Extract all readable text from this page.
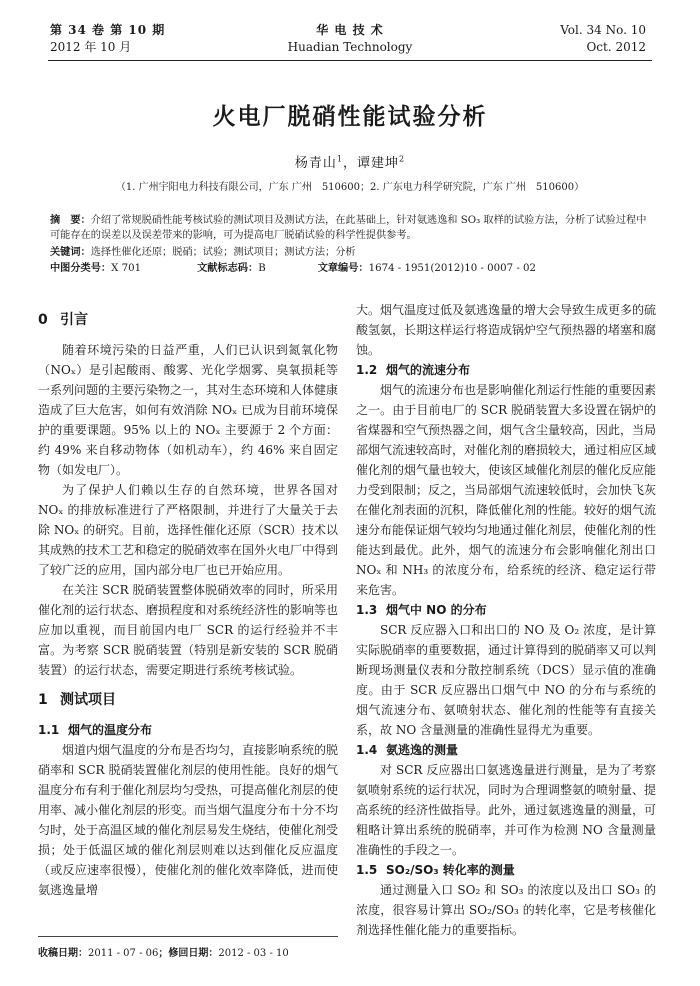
第 34 卷 第 10 期
2012 年 10 月
华 电 技 术
Huadian Technology
Vol. 34 No. 10
Oct. 2012
火电厂脱硝性能试验分析
杨青山$^1$，谭建坤$^2$
（1. 广州宇阳电力科技有限公司，广东 广州　510600；2. 广东电力科学研究院，广东 广州　510600）
摘　要：介绍了常规脱硝性能考核试验的测试项目及测试方法，在此基础上，针对氨逃逸和 SO₃ 取样的试验方法，分析了试验过程中可能存在的误差以及误差带来的影响，可为提高电厂脱硝试验的科学性提供参考。
关键词：选择性催化还原；脱硝；试验；测试项目；测试方法；分析
中图分类号：X 701	文献标志码：B	文章编号：1674 - 1951(2012)10 - 0007 - 02
0 引言

随着环境污染的日益严重，人们已认识到氮氧化物（NOₓ）是引起酸雨、酸雾、光化学烟雾、臭氧损耗等一系列问题的主要污染物之一，其对生态环境和人体健康造成了巨大危害，如何有效消除 NOₓ 已成为目前环境保护的重要课题。95% 以上的 NOₓ 主要源于 2 个方面：约 49% 来自移动物体（如机动车），约 46% 来自固定物（如发电厂）。

为了保护人们赖以生存的自然环境，世界各国对 NOₓ 的排放标准进行了严格限制，并进行了大量关于去除 NOₓ 的研究。目前，选择性催化还原（SCR）技术以其成熟的技术工艺和稳定的脱硝效率在国外火电厂中得到了较广泛的应用，国内部分电厂也已开始应用。

在关注 SCR 脱硝装置整体脱硝效率的同时，所采用催化剂的运行状态、磨损程度和对系统经济性的影响等也应加以重视，而目前国内电厂 SCR 的运行经验并不丰富。为考察 SCR 脱硝装置（特别是新安装的 SCR 脱硝装置）的运行状态，需要定期进行系统考核试验。

1 测试项目
1.1 烟气的温度分布

烟道内烟气温度的分布是否均匀，直接影响系统的脱硝率和 SCR 脱硝装置催化剂层的使用性能。良好的烟气温度分布有利于催化剂层均匀受热，可提高催化剂层的使用率、减小催化剂层的形变。而当烟气温度分布十分不均匀时，处于高温区域的催化剂层易发生烧结，使催化剂受损；处于低温区域的催化剂层则难以达到催化反应温度（或反应速率很慢），使催化剂的催化效率降低，进而使氨逃逸量增

大。烟气温度过低及氨逃逸量的增大会导致生成更多的硫酸氢氨，长期这样运行将造成锅炉空气预热器的堵塞和腐蚀。

1.2 烟气的流速分布

烟气的流速分布也是影响催化剂运行性能的重要因素之一。由于目前电厂的 SCR 脱硝装置大多设置在锅炉的省煤器和空气预热器之间，烟气含尘量较高，因此，当局部烟气流速较高时，对催化剂的磨损较大，通过相应区域催化剂的烟气量也较大，使该区域催化剂层的催化反应能力受到限制；反之，当局部烟气流速较低时，会加快飞灰在催化剂表面的沉积，降低催化剂的性能。较好的烟气流速分布能保证烟气较均匀地通过催化剂层，使催化剂的性能达到最优。此外，烟气的流速分布会影响催化剂出口 NOₓ 和 NH₃ 的浓度分布，给系统的经济、稳定运行带来危害。

1.3 烟气中 NO 的分布

SCR 反应器入口和出口的 NO 及 O₂ 浓度，是计算实际脱硝率的重要数据，通过计算得到的脱硝率又可以判断现场测量仪表和分散控制系统（DCS）显示值的准确度。由于 SCR 反应器出口烟气中 NO 的分布与系统的烟气流速分布、氨喷射状态、催化剂的性能等有直接关系，故 NO 含量测量的准确性显得尤为重要。

1.4 氨逃逸的测量

对 SCR 反应器出口氨逃逸量进行测量，是为了考察氨喷射系统的运行状况，同时为合理调整氨的喷射量、提高系统的经济性做指导。此外，通过氨逃逸量的测量，可粗略计算出系统的脱硝率，并可作为检测 NO 含量测量准确性的手段之一。

1.5 SO₂/SO₃ 转化率的测量

通过测量入口 SO₂ 和 SO₃ 的浓度以及出口 SO₃ 的浓度，很容易计算出 SO₂/SO₃ 的转化率，它是考核催化剂选择性催化能力的重要指标。

收稿日期：2011 - 07 - 06；修回日期：2012 - 03 - 10
